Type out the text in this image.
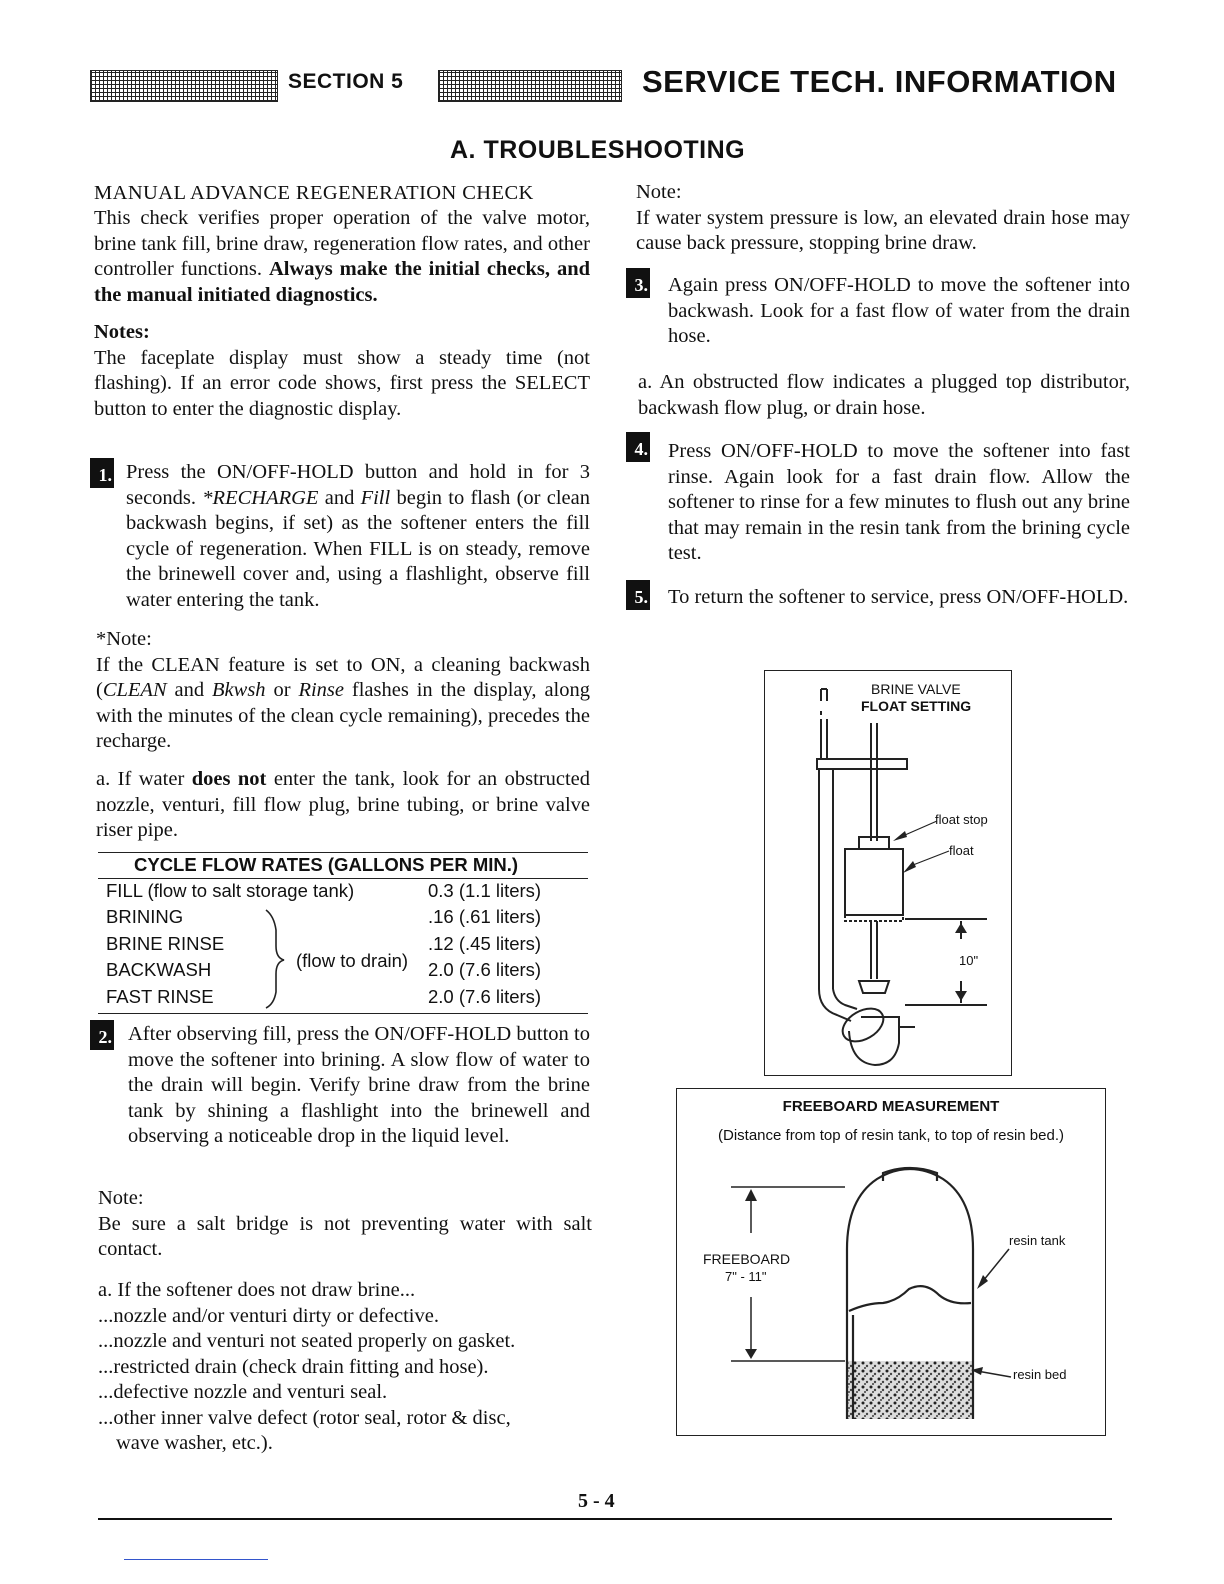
SECTION 5	SERVICE TECH. INFORMATION
A. TROUBLESHOOTING
MANUAL ADVANCE REGENERATION CHECK

This check verifies proper operation of the valve motor, brine tank fill, brine draw, regeneration flow rates, and other controller functions. Always make the initial checks, and the manual initiated diagnostics.

Notes:

The faceplate display must show a steady time (not flashing). If an error code shows, first press the SELECT button to enter the diagnostic display.

1. Press the ON/OFF-HOLD button and hold in for 3 seconds. *RECHARGE and Fill begin to flash (or clean backwash begins, if set) as the softener enters the fill cycle of regeneration. When FILL is on steady, remove the brinewell cover and, using a flashlight, observe fill water entering the tank.

*Note:

If the CLEAN feature is set to ON, a cleaning backwash (CLEAN and Bkwsh or Rinse flashes in the display, along with the minutes of the clean cycle remaining), precedes the recharge.

a. If water does not enter the tank, look for an obstructed nozzle, venturi, fill flow plug, brine tubing, or brine valve riser pipe.

CYCLE FLOW RATES (GALLONS PER MIN.)
FILL (flow to salt storage tank)	0.3 (1.1 liters)
BRINING	.16 (.61 liters)
BRINE RINSE	.12 (.45 liters)
BACKWASH	2.0 (7.6 liters)
FAST RINSE	2.0 (7.6 liters)
(flow to drain)
2. After observing fill, press the ON/OFF-HOLD button to move the softener into brining. A slow flow of water to the drain will begin. Verify brine draw from the brine tank by shining a flashlight into the brinewell and observing a noticeable drop in the liquid level.

Note:

Be sure a salt bridge is not preventing water with salt contact.

a. If the softener does not draw brine...
...nozzle and/or venturi dirty or defective.
...nozzle and venturi not seated properly on gasket.
...restricted drain (check drain fitting and hose).
...defective nozzle and venturi seal.
...other inner valve defect (rotor seal, rotor & disc,
wave washer, etc.).
Note:

If water system pressure is low, an elevated drain hose may cause back pressure, stopping brine draw.

3. Again press ON/OFF-HOLD to move the softener into backwash. Look for a fast flow of water from the drain hose.

a. An obstructed flow indicates a plugged top distributor, backwash flow plug, or drain hose.

4. Press ON/OFF-HOLD to move the softener into fast rinse. Again look for a fast drain flow. Allow the softener to rinse for a few minutes to flush out any brine that may remain in the resin tank from the brining cycle test.

5. To return the softener to service, press ON/OFF-HOLD.

BRINE VALVE
FLOAT SETTING
float stop
float
10"
FREEBOARD MEASUREMENT
(Distance from top of resin tank, to top of resin bed.)
FREEBOARD
7" - 11"
resin tank
resin bed
5 - 4
